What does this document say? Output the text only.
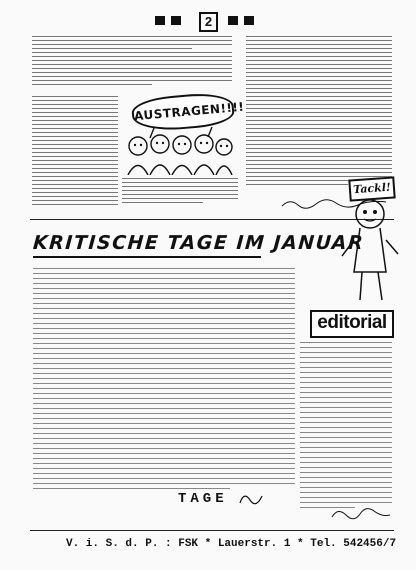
2
AUSTRAGEN!!!!
KRITISCHE TAGE IM JANUAR
Tackl!
editorial
TAGE
V. i. S. d. P. : FSK * Lauerstr. 1 * Tel. 542456/7
